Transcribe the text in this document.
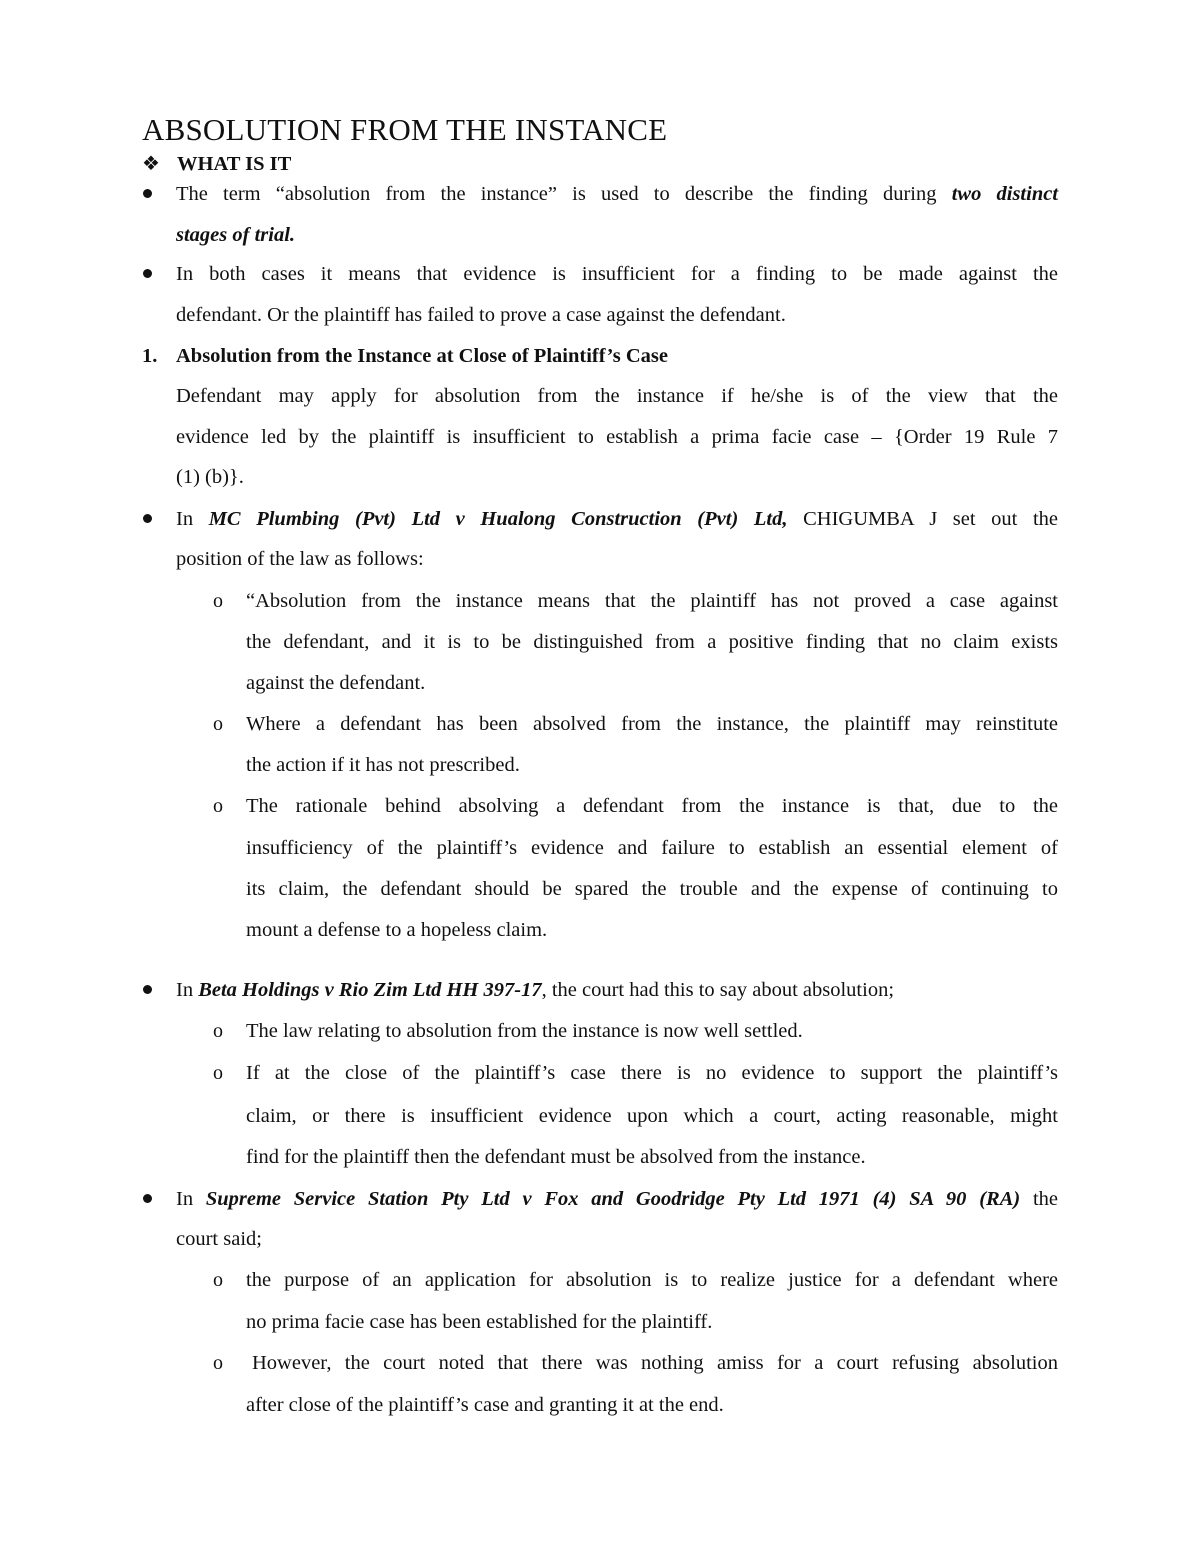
ABSOLUTION FROM THE INSTANCE
❖ WHAT IS IT
The term “absolution from the instance” is used to describe the finding during two distinct
stages of trial.
In both cases it means that evidence is insufficient for a finding to be made against the
defendant. Or the plaintiff has failed to prove a case against the defendant.
1. Absolution from the Instance at Close of Plaintiff’s Case
Defendant may apply for absolution from the instance if he/she is of the view that the
evidence led by the plaintiff is insufficient to establish a prima facie case – {Order 19 Rule 7
(1) (b)}.
In MC Plumbing (Pvt) Ltd v Hualong Construction (Pvt) Ltd, CHIGUMBA J set out the
position of the law as follows:
o “Absolution from the instance means that the plaintiff has not proved a case against
the defendant, and it is to be distinguished from a positive finding that no claim exists
against the defendant.
o Where a defendant has been absolved from the instance, the plaintiff may reinstitute
the action if it has not prescribed.
o The rationale behind absolving a defendant from the instance is that, due to the
insufficiency of the plaintiff’s evidence and failure to establish an essential element of
its claim, the defendant should be spared the trouble and the expense of continuing to
mount a defense to a hopeless claim.
In Beta Holdings v Rio Zim Ltd HH 397-17, the court had this to say about absolution;
o The law relating to absolution from the instance is now well settled.
o If at the close of the plaintiff’s case there is no evidence to support the plaintiff’s
claim, or there is insufficient evidence upon which a court, acting reasonable, might
find for the plaintiff then the defendant must be absolved from the instance.
In Supreme Service Station Pty Ltd v Fox and Goodridge Pty Ltd 1971 (4) SA 90 (RA) the
court said;
o the purpose of an application for absolution is to realize justice for a defendant where
no prima facie case has been established for the plaintiff.
o However, the court noted that there was nothing amiss for a court refusing absolution
after close of the plaintiff’s case and granting it at the end.
